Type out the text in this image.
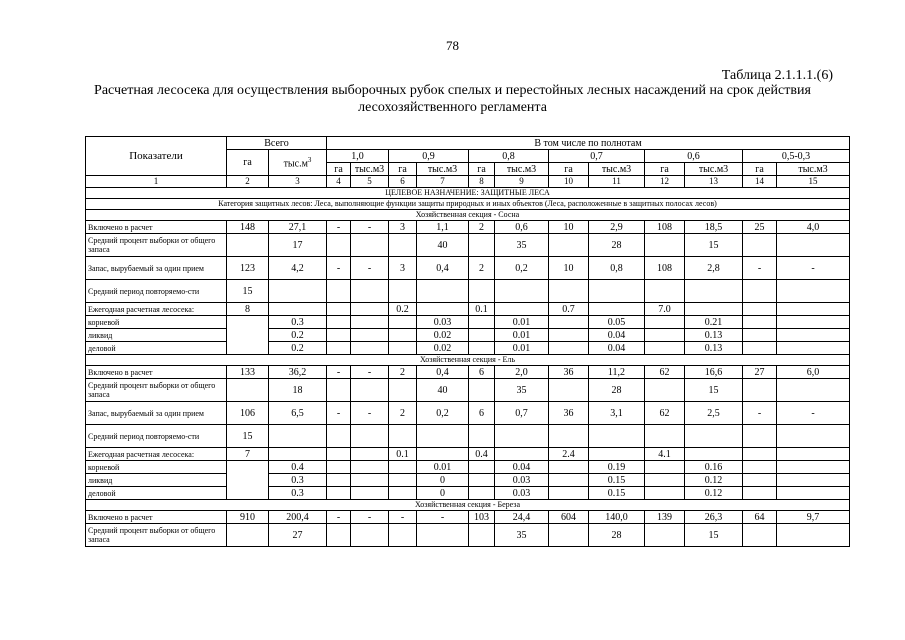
78
Таблица 2.1.1.1.(6)
Расчетная лесосека для осуществления выборочных рубок спелых и перестойных лесных насаждений на срок действия лесохозяйственного регламента
Показатели	Всего		В том числе по полнотам											
	га	$тыс.м^3$	1,0		0,9		0,8		0,7		0,6		0,5-0,3	
			га	тыс.м3	га	тыс.м3	га	тыс.м3	га	тыс.м3	га	тыс.м3	га	тыс.м3
1	2	3	4	5	6	7	8	9	10	11	12	13	14	15
ЦЕЛЕВОЕ НАЗНАЧЕНИЕ: ЗАЩИТНЫЕ ЛЕСА														
Категория защитных лесов: Леса, выполняющие функции защиты природных и иных объектов (Леса, расположенные в защитных полосах лесов)														
Хозяйственная секция - Сосна														
Включено в расчет	148	27,1	-	-	3	1,1	2	0,6	10	2,9	108	18,5	25	4,0
Средний процент выборки от общего запаса		17				40		35		28		15		
Запас, вырубаемый за один прием	123	4,2	-	-	3	0,4	2	0,2	10	0,8	108	2,8	-	-
Средний период повторяемо-сти	15													
Ежегодная расчетная лесосека:	8				0.2		0.1		0.7		7.0			
корневой		0.3				0.03		0.01		0.05		0.21		
ликвид		0.2				0.02		0.01		0.04		0.13		
деловой		0.2				0.02		0.01		0.04		0.13		
Хозяйственная секция - Ель														
Включено в расчет	133	36,2	-	-	2	0,4	6	2,0	36	11,2	62	16,6	27	6,0
Средний процент выборки от общего запаса		18				40		35		28		15		
Запас, вырубаемый за один прием	106	6,5	-	-	2	0,2	6	0,7	36	3,1	62	2,5	-	-
Средний период повторяемо-сти	15													
Ежегодная расчетная лесосека:	7				0.1		0.4		2.4		4.1			
корневой		0.4				0.01		0.04		0.19		0.16		
ликвид		0.3				0		0.03		0.15		0.12		
деловой		0.3				0		0.03		0.15		0.12		
Хозяйственная секция - Береза														
Включено в расчет	910	200,4	-	-	-	-	103	24,4	604	140,0	139	26,3	64	9,7
Средний процент выборки от общего запаса		27						35		28		15		
